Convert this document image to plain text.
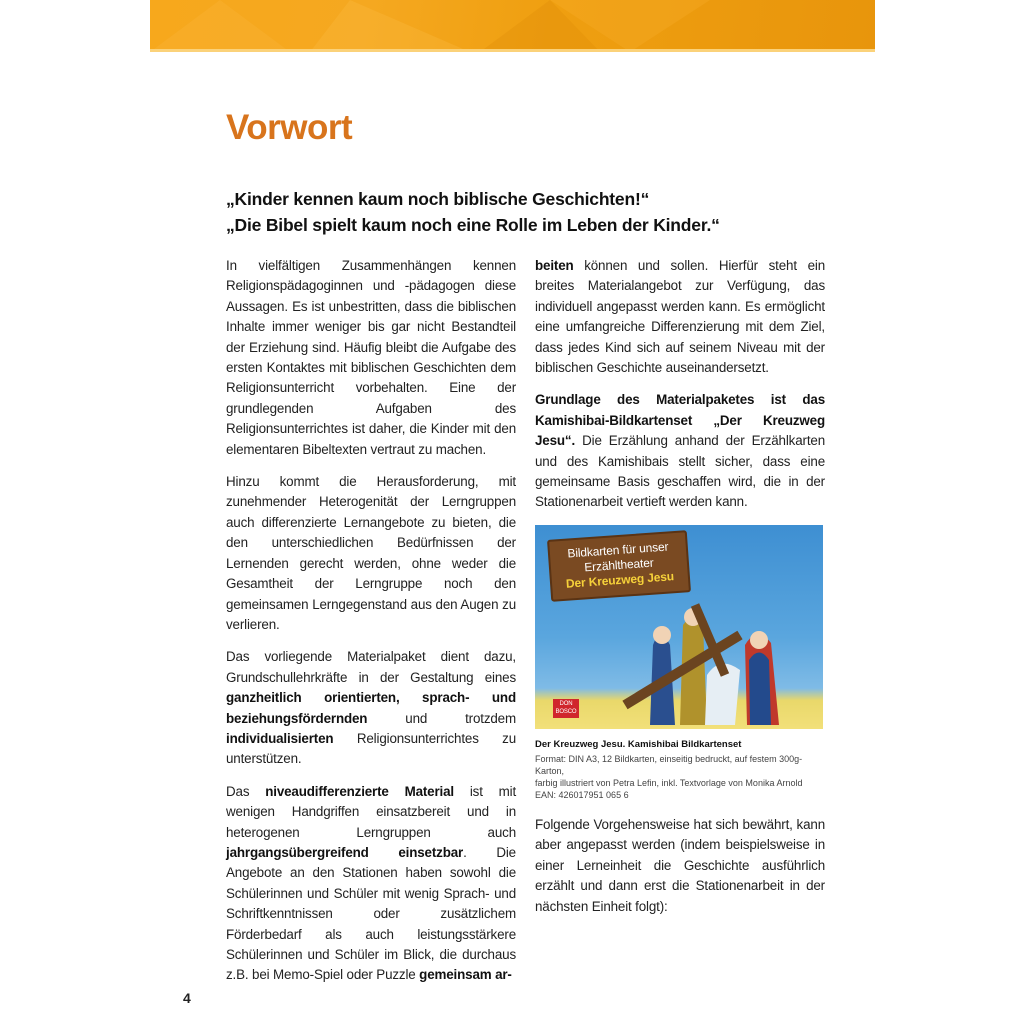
Vorwort
„Kinder kennen kaum noch biblische Geschichten!“
„Die Bibel spielt kaum noch eine Rolle im Leben der Kinder.“

In vielfältigen Zusammenhängen kennen Religionspädagoginnen und -pädagogen diese Aussagen. Es ist unbestritten, dass die biblischen Inhalte immer weniger bis gar nicht Bestandteil der Erziehung sind. Häufig bleibt die Aufgabe des ersten Kontaktes mit biblischen Geschichten dem Religionsunterricht vorbehalten. Eine der grundlegenden Aufgaben des Religionsunterrichtes ist daher, die Kinder mit den elementaren Bibeltexten vertraut zu machen.

Hinzu kommt die Herausforderung, mit zunehmender Heterogenität der Lerngruppen auch differenzierte Lernangebote zu bieten, die den unterschiedlichen Bedürfnissen der Lernenden gerecht werden, ohne weder die Gesamtheit der Lerngruppe noch den gemeinsamen Lerngegenstand aus den Augen zu verlieren.

Das vorliegende Materialpaket dient dazu, Grundschullehrkräfte in der Gestaltung eines ganzheitlich orientierten, sprach- und beziehungsfördernden und trotzdem individualisierten Religionsunterrichtes zu unterstützen.

Das niveaudifferenzierte Material ist mit wenigen Handgriffen einsatzbereit und in heterogenen Lerngruppen auch jahrgangsübergreifend einsetzbar. Die Angebote an den Stationen haben sowohl die Schülerinnen und Schüler mit wenig Sprach- und Schriftkenntnissen oder zusätzlichem Förderbedarf als auch leistungsstärkere Schülerinnen und Schüler im Blick, die durchaus z.B. bei Memo-Spiel oder Puzzle gemeinsam ar-

beiten können und sollen. Hierfür steht ein breites Materialangebot zur Verfügung, das individuell angepasst werden kann. Es ermöglicht eine umfangreiche Differenzierung mit dem Ziel, dass jedes Kind sich auf seinem Niveau mit der biblischen Geschichte auseinandersetzt.

Grundlage des Materialpaketes ist das Kamishibai-Bildkartenset „Der Kreuzweg Jesu“. Die Erzählung anhand der Erzählkarten und des Kamishibais stellt sicher, dass eine gemeinsame Basis geschaffen wird, die in der Stationenarbeit vertieft werden kann.

Bildkarten für unser
Erzähltheater
Der Kreuzweg Jesu
DON BOSCO
Der Kreuzweg Jesu. Kamishibai Bildkartenset
Format: DIN A3, 12 Bildkarten, einseitig bedruckt, auf festem 300g-Karton,
farbig illustriert von Petra Lefin, inkl. Textvorlage von Monika Arnold
EAN: 426017951 065 6

Folgende Vorgehensweise hat sich bewährt, kann aber angepasst werden (indem beispielsweise in einer Lerneinheit die Geschichte ausführlich erzählt und dann erst die Stationenarbeit in der nächsten Einheit folgt):

4
